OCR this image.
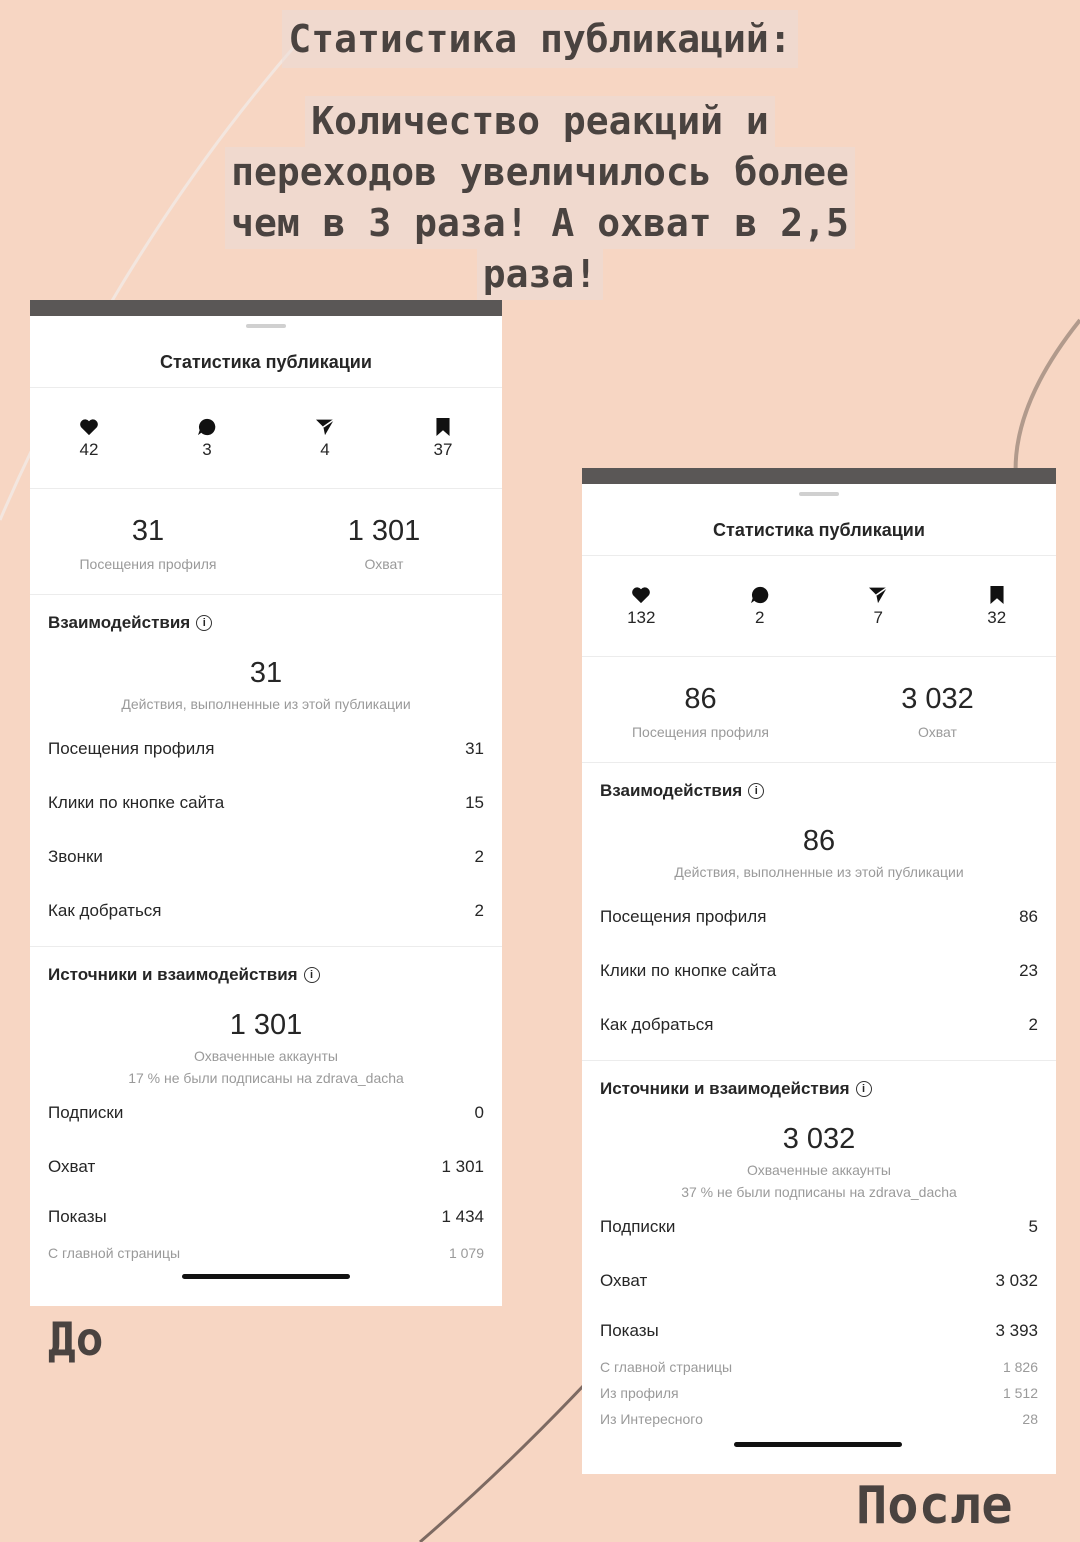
Статистика публикаций:
Количество реакций и
переходов увеличилось более
чем в 3 раза! А охват в 2,5
раза!
Статистика публикации
42	3	4	37
31
Посещения профиля
1 301
Охват
Взаимодействия	i
31
Действия, выполненные из этой публикации
Посещения профиля	31
Клики по кнопке сайта	15
Звонки	2
Как добраться	2
Источники и взаимодействия	i
1 301
Охваченные аккаунты
17 % не были подписаны на zdrava_dacha
Подписки	0
Охват	1 301
Показы	1 434
С главной страницы	1 079
До
Статистика публикации
132	2	7	32
86
Посещения профиля
3 032
Охват
Взаимодействия	i
86
Действия, выполненные из этой публикации
Посещения профиля	86
Клики по кнопке сайта	23
Как добраться	2
Источники и взаимодействия	i
3 032
Охваченные аккаунты
37 % не были подписаны на zdrava_dacha
Подписки	5
Охват	3 032
Показы	3 393
С главной страницы	1 826
Из профиля	1 512
Из Интересного	28
После
